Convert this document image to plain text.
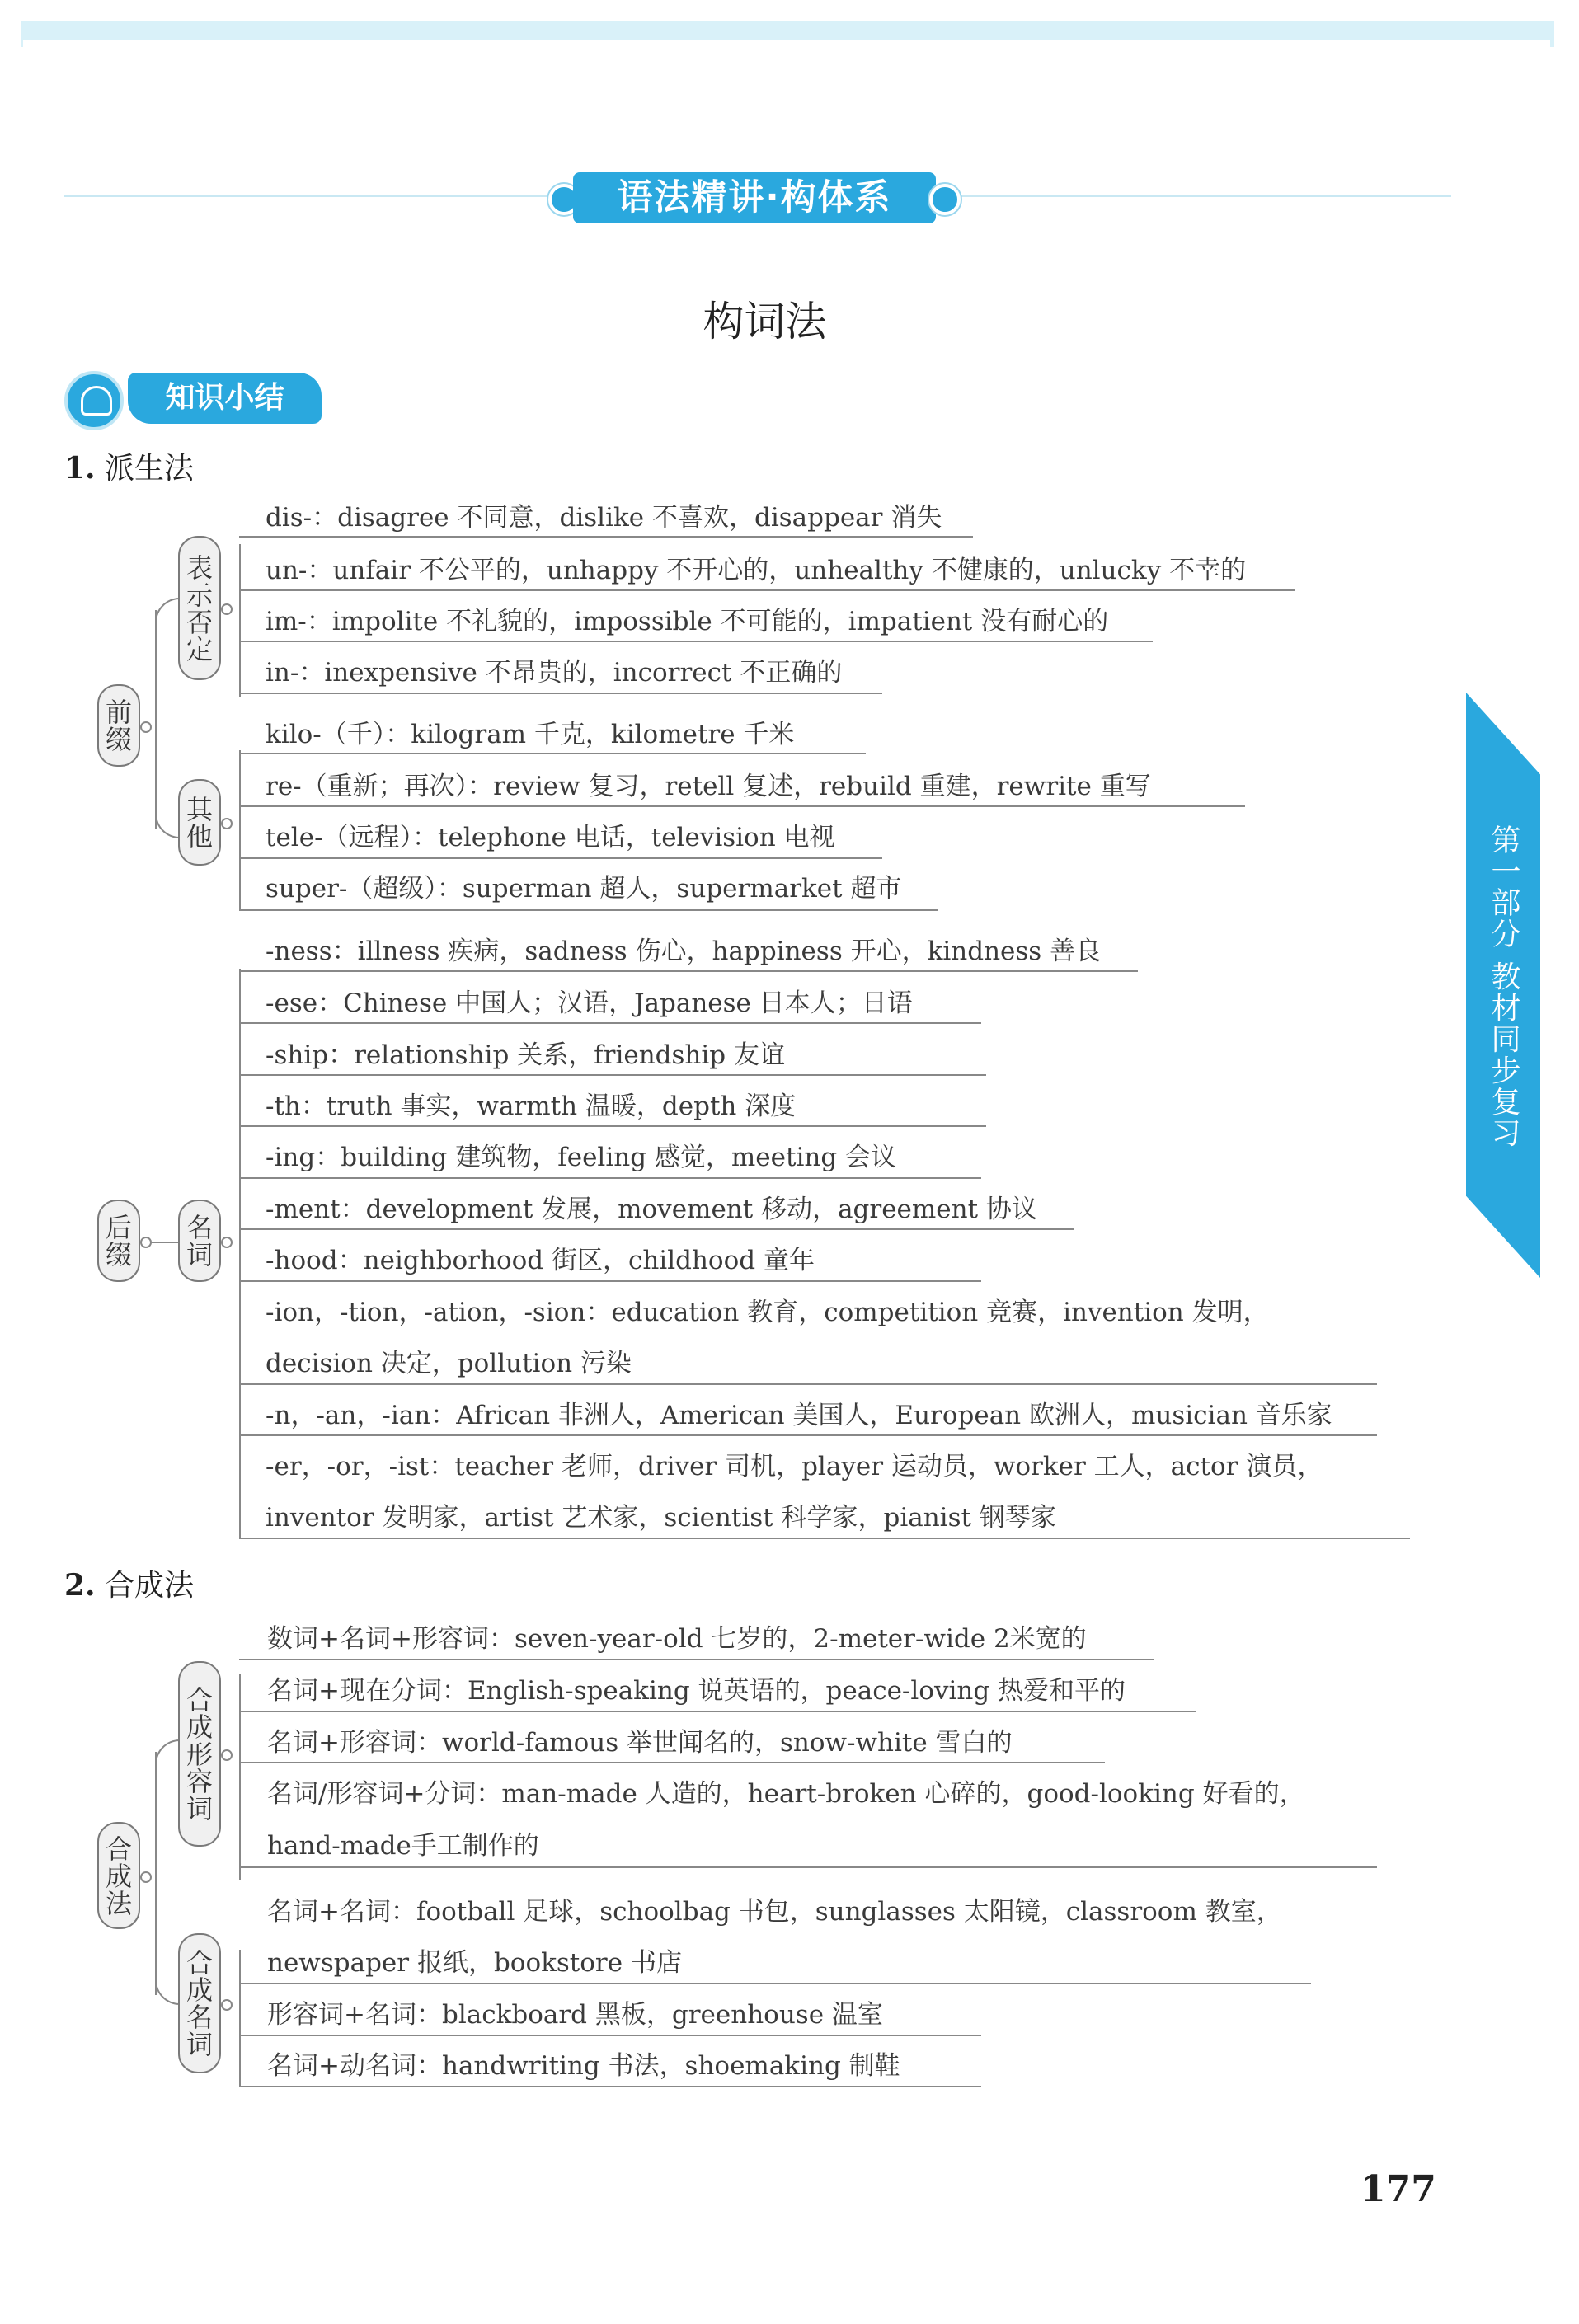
语法精讲·构体系
构词法
知识小结
1. 派生法
前缀
表示否定
dis-：disagree 不同意，dislike 不喜欢，disappear 消失
un-：unfair 不公平的，unhappy 不开心的，unhealthy 不健康的，unlucky 不幸的
im-：impolite 不礼貌的，impossible 不可能的，impatient 没有耐心的
in-：inexpensive 不昂贵的，incorrect 不正确的
其他
kilo-（千）：kilogram 千克，kilometre 千米
re-（重新；再次）：review 复习，retell 复述，rebuild 重建，rewrite 重写
tele-（远程）：telephone 电话，television 电视
super-（超级）：superman 超人，supermarket 超市
后缀 名词
-ness：illness 疾病，sadness 伤心，happiness 开心，kindness 善良
-ese：Chinese 中国人；汉语，Japanese 日本人；日语
-ship：relationship 关系，friendship 友谊
-th：truth 事实，warmth 温暖，depth 深度
-ing：building 建筑物，feeling 感觉，meeting 会议
-ment：development 发展，movement 移动，agreement 协议
-hood：neighborhood 街区，childhood 童年
-ion，-tion，-ation，-sion：education 教育，competition 竞赛，invention 发明，
decision 决定，pollution 污染
-n，-an，-ian：African 非洲人，American 美国人，European 欧洲人，musician 音乐家
-er，-or，-ist：teacher 老师，driver 司机，player 运动员，worker 工人，actor 演员，
inventor 发明家，artist 艺术家，scientist 科学家，pianist 钢琴家
2. 合成法
合成法
合成形容词
数词+名词+形容词：seven-year-old 七岁的，2-meter-wide 2米宽的
名词+现在分词：English-speaking 说英语的，peace-loving 热爱和平的
名词+形容词：world-famous 举世闻名的，snow-white 雪白的
名词/形容词+分词：man-made 人造的，heart-broken 心碎的，good-looking 好看的，
hand-made手工制作的
合成名词
名词+名词：football 足球，schoolbag 书包，sunglasses 太阳镜，classroom 教室，
newspaper 报纸，bookstore 书店
形容词+名词：blackboard 黑板，greenhouse 温室
名词+动名词：handwriting 书法，shoemaking 制鞋
第一部分 教材同步复习
177
